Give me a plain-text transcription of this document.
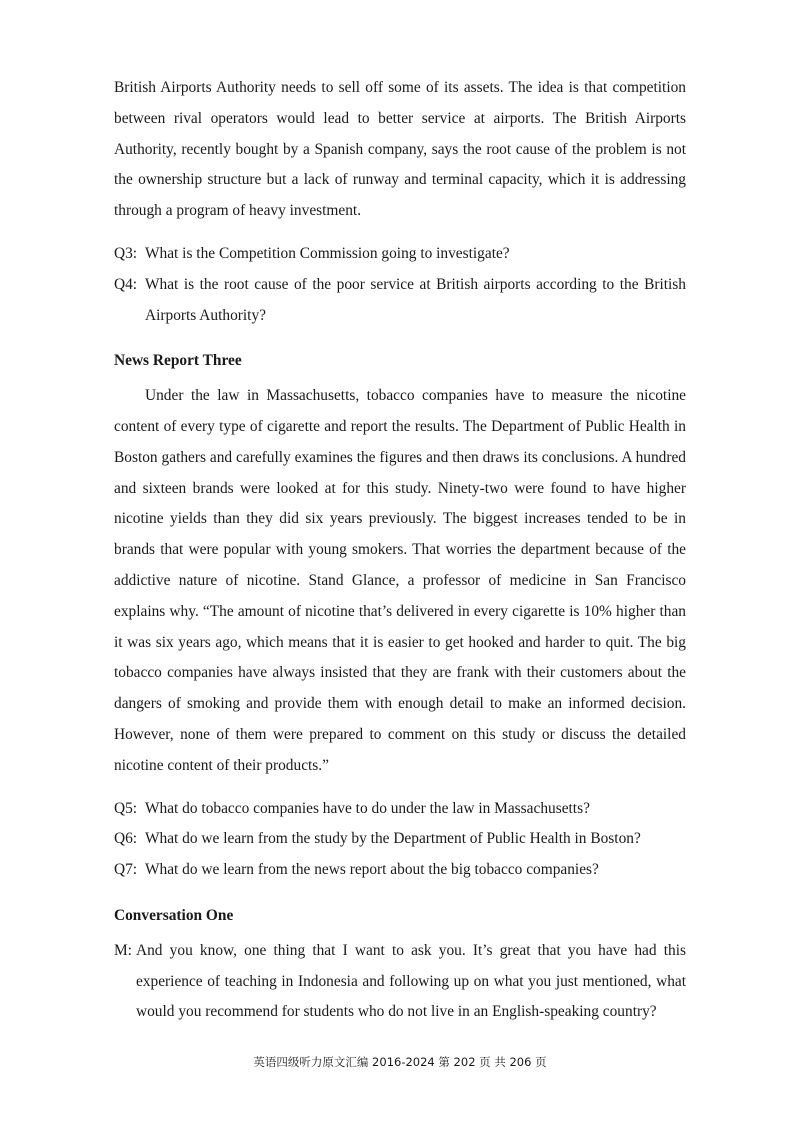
British Airports Authority needs to sell off some of its assets. The idea is that competition between rival operators would lead to better service at airports. The British Airports Authority, recently bought by a Spanish company, says the root cause of the problem is not the ownership structure but a lack of runway and terminal capacity, which it is addressing through a program of heavy investment.

Q3: What is the Competition Commission going to investigate?

Q4: What is the root cause of the poor service at British airports according to the British Airports Authority?

News Report Three

Under the law in Massachusetts, tobacco companies have to measure the nicotine content of every type of cigarette and report the results. The Department of Public Health in Boston gathers and carefully examines the figures and then draws its conclusions. A hundred and sixteen brands were looked at for this study. Ninety-two were found to have higher nicotine yields than they did six years previously. The biggest increases tended to be in brands that were popular with young smokers. That worries the department because of the addictive nature of nicotine. Stand Glance, a professor of medicine in San Francisco explains why. “The amount of nicotine that’s delivered in every cigarette is 10% higher than it was six years ago, which means that it is easier to get hooked and harder to quit. The big tobacco companies have always insisted that they are frank with their customers about the dangers of smoking and provide them with enough detail to make an informed decision. However, none of them were prepared to comment on this study or discuss the detailed nicotine content of their products.”

Q5: What do tobacco companies have to do under the law in Massachusetts?

Q6: What do we learn from the study by the Department of Public Health in Boston?

Q7: What do we learn from the news report about the big tobacco companies?

Conversation One

M: And you know, one thing that I want to ask you. It’s great that you have had this experience of teaching in Indonesia and following up on what you just mentioned, what would you recommend for students who do not live in an English-speaking country?

英语四级听力原文汇编 2016-2024 第 202 页 共 206 页
